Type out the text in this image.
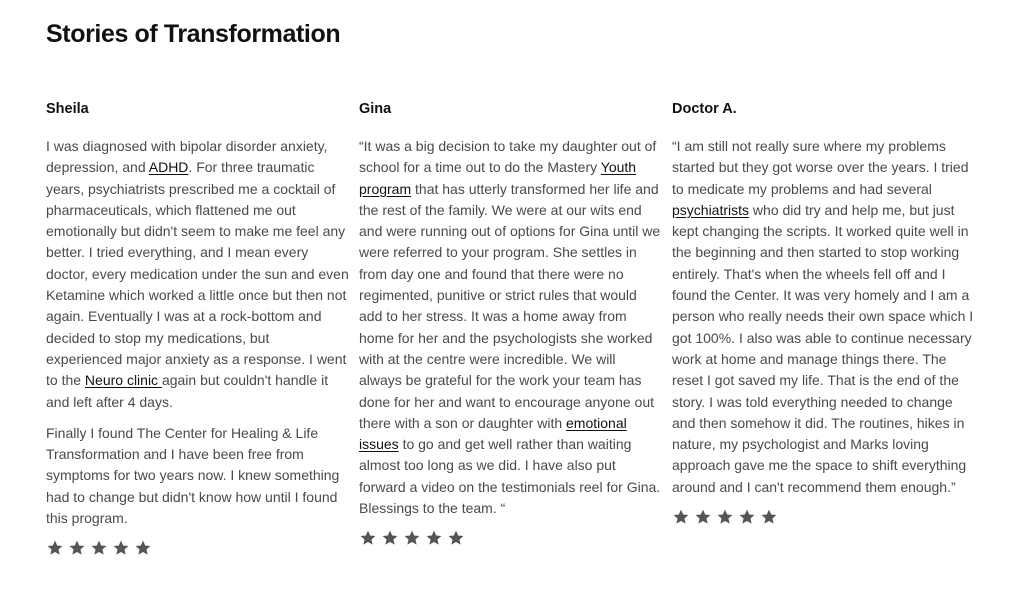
Stories of Transformation
Sheila

I was diagnosed with bipolar disorder anxiety, depression, and ADHD. For three traumatic years, psychiatrists prescribed me a cocktail of pharmaceuticals, which flattened me out emotionally but didn't seem to make me feel any better. I tried everything, and I mean every doctor, every medication under the sun and even Ketamine which worked a little once but then not again. Eventually I was at a rock-bottom and decided to stop my medications, but experienced major anxiety as a response. I went to the Neuro clinic again but couldn't handle it and left after 4 days.

Finally I found The Center for Healing & Life Transformation and I have been free from symptoms for two years now. I knew something had to change but didn't know how until I found this program.

Gina

“It was a big decision to take my daughter out of school for a time out to do the Mastery Youth program that has utterly transformed her life and the rest of the family. We were at our wits end and were running out of options for Gina until we were referred to your program. She settles in from day one and found that there were no regimented, punitive or strict rules that would add to her stress. It was a home away from home for her and the psychologists she worked with at the centre were incredible. We will always be grateful for the work your team has done for her and want to encourage anyone out there with a son or daughter with emotional issues to go and get well rather than waiting almost too long as we did. I have also put forward a video on the testimonials reel for Gina. Blessings to the team. “

Doctor A.

“I am still not really sure where my problems started but they got worse over the years. I tried to medicate my problems and had several psychiatrists who did try and help me, but just kept changing the scripts. It worked quite well in the beginning and then started to stop working entirely. That's when the wheels fell off and I found the Center. It was very homely and I am a person who really needs their own space which I got 100%. I also was able to continue necessary work at home and manage things there. The reset I got saved my life. That is the end of the story. I was told everything needed to change and then somehow it did. The routines, hikes in nature, my psychologist and Marks loving approach gave me the space to shift everything around and I can't recommend them enough.”
